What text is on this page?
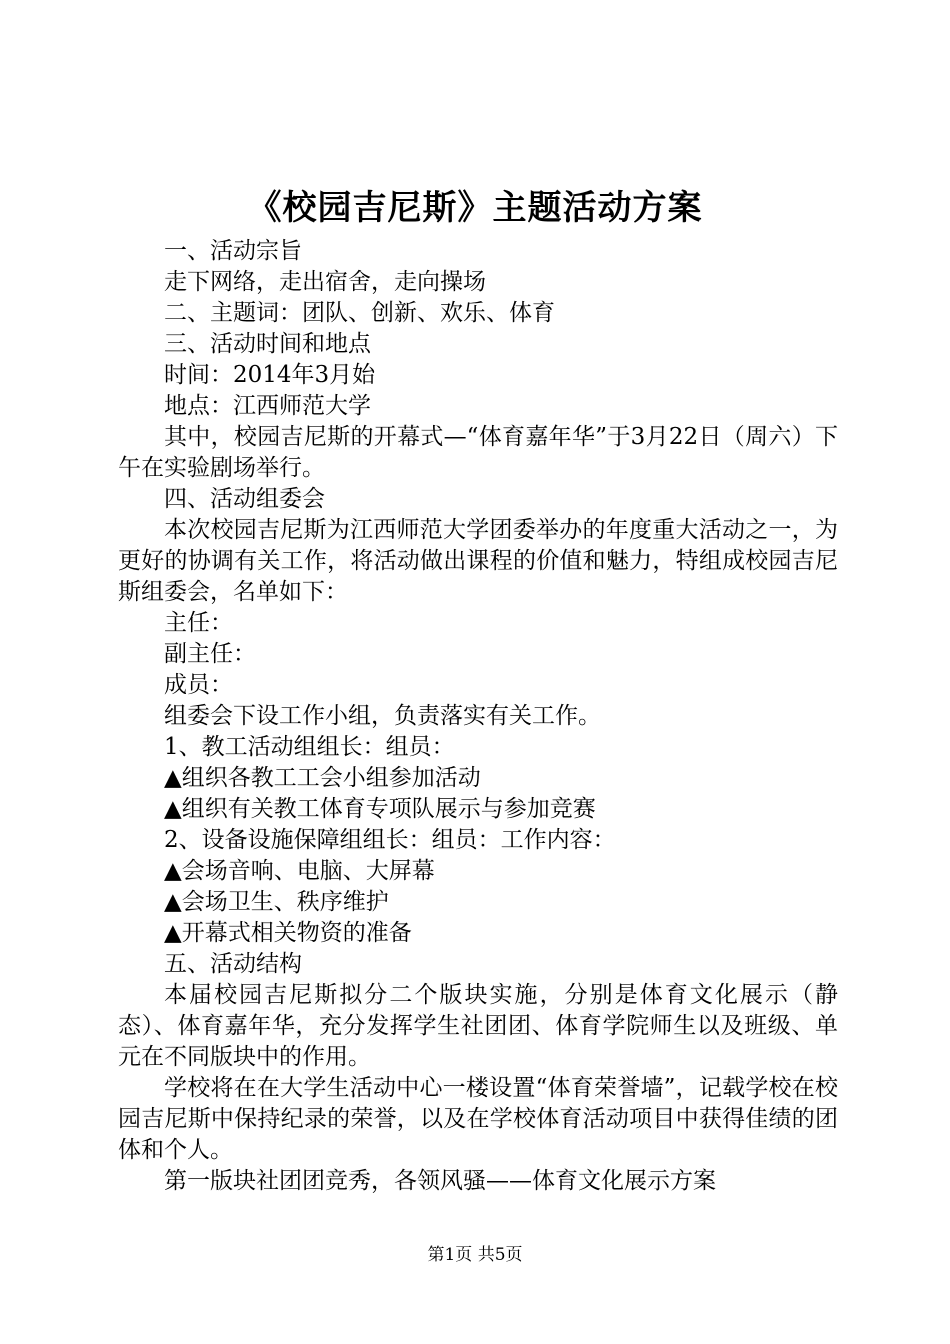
《校园吉尼斯》主题活动方案

一、活动宗旨

走下网络，走出宿舍，走向操场

二、主题词：团队、创新、欢乐、体育

三、活动时间和地点

时间：2014年3月始

地点：江西师范大学

其中，校园吉尼斯的开幕式—“体育嘉年华”于3月22日（周六）下午在实验剧场举行。

四、活动组委会

本次校园吉尼斯为江西师范大学团委举办的年度重大活动之一，为更好的协调有关工作，将活动做出课程的价值和魅力，特组成校园吉尼斯组委会，名单如下：

主任：

副主任：

成员：

组委会下设工作小组，负责落实有关工作。

1、教工活动组组长：组员：

▲组织各教工工会小组参加活动

▲组织有关教工体育专项队展示与参加竞赛

2、设备设施保障组组长：组员：工作内容：

▲会场音响、电脑、大屏幕

▲会场卫生、秩序维护

▲开幕式相关物资的准备

五、活动结构

本届校园吉尼斯拟分二个版块实施，分别是体育文化展示（静态）、体育嘉年华，充分发挥学生社团团、体育学院师生以及班级、单元在不同版块中的作用。

学校将在在大学生活动中心一楼设置“体育荣誉墙”，记载学校在校园吉尼斯中保持纪录的荣誉，以及在学校体育活动项目中获得佳绩的团体和个人。

第一版块社团团竞秀，各领风骚——体育文化展示方案

第1页 共5页
